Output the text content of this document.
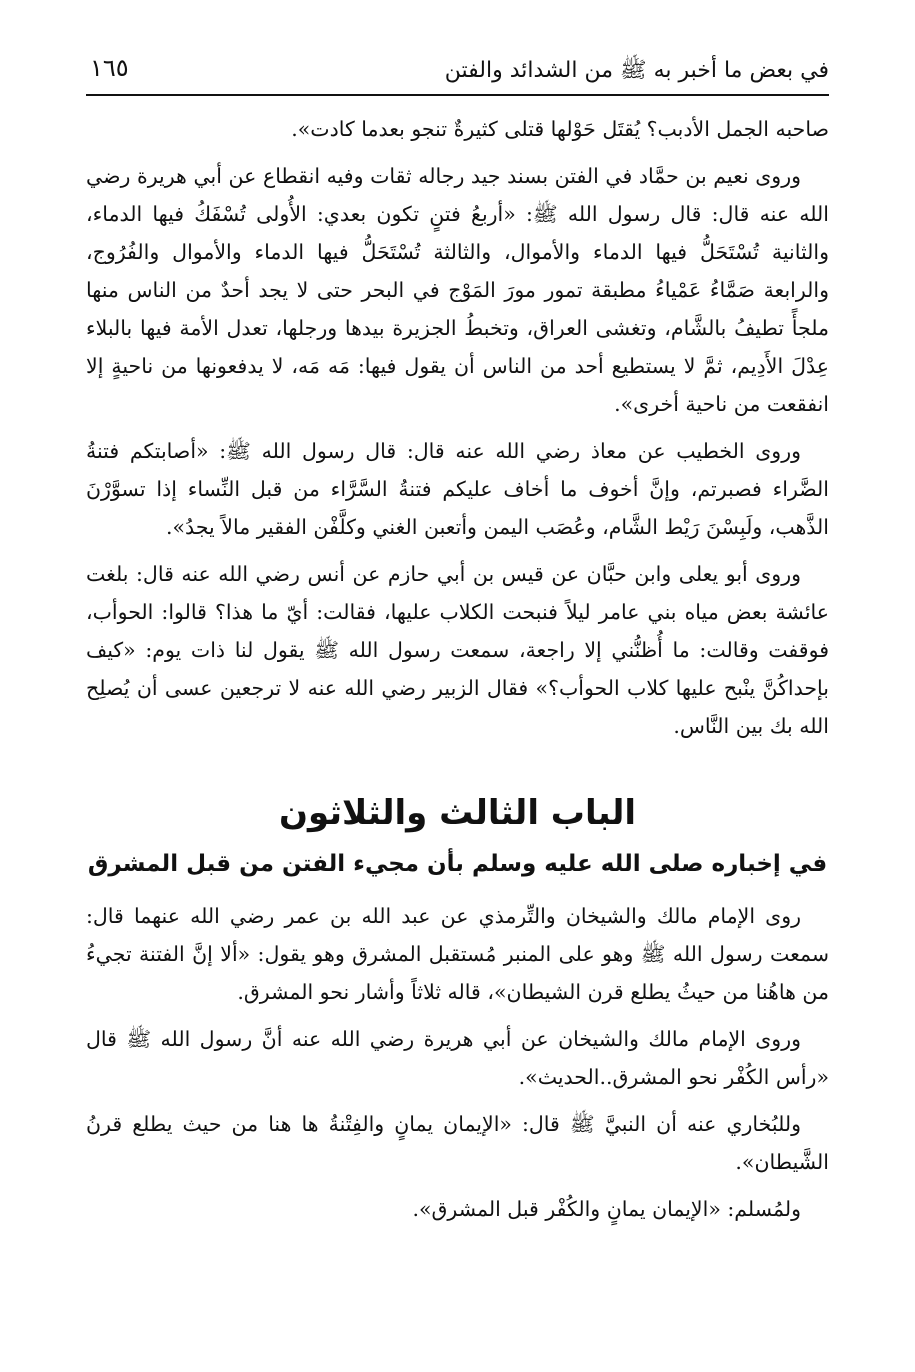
في بعض ما أخبر به ﷺ من الشدائد والفتن
١٦٥

صاحبه الجمل الأدبب؟ يُقتَل حَوْلها قتلى كثيرةٌ تنجو بعدما كادت».

وروى نعيم بن حمَّاد في الفتن بسند جيد رجاله ثقات وفيه انقطاع عن أبي هريرة رضي الله عنه قال: قال رسول الله ﷺ: «أربعُ فتنٍ تكون بعدي: الأُولى تُسْفَكُ فيها الدماء، والثانية تُسْتَحَلُّ فيها الدماء والأموال، والثالثة تُسْتَحَلُّ فيها الدماء والأموال والفُرُوج، والرابعة صَمَّاءُ عَمْياءُ مطبقة تمور مورَ المَوْج في البحر حتى لا يجد أحدٌ من الناس منها ملجأً تطيفُ بالشَّام، وتغشى العراق، وتخبطُ الجزيرة بيدها ورجلها، تعدل الأمة فيها بالبلاء عِدْلَ الأَدِيم، ثمَّ لا يستطيع أحد من الناس أن يقول فيها: مَه مَه، لا يدفعونها من ناحيةٍ إلا انفقعت من ناحية أخرى».

وروى الخطيب عن معاذ رضي الله عنه قال: قال رسول الله ﷺ: «أصابتكم فتنةُ الضَّراء فصبرتم، وإنَّ أخوف ما أخاف عليكم فتنةُ السَّرَّاء من قبل النِّساء إذا تسوَّرْنَ الذَّهب، ولَبِسْنَ رَيْط الشَّام، وعُصَب اليمن وأتعبن الغني وكلَّفْن الفقير مالاً يجدُ».

وروى أبو يعلى وابن حبَّان عن قيس بن أبي حازم عن أنس رضي الله عنه قال: بلغت عائشة بعض مياه بني عامر ليلاً فنبحت الكلاب عليها، فقالت: أيّ ما هذا؟ قالوا: الحوأب، فوقفت وقالت: ما أُظنُّني إلا راجعة، سمعت رسول الله ﷺ يقول لنا ذات يوم: «كيف بإحداكُنَّ ينْبح عليها كلاب الحوأب؟» فقال الزبير رضي الله عنه لا ترجعين عسى أن يُصلِح الله بك بين النَّاس.

الباب الثالث والثلاثون
في إخباره صلى الله عليه وسلم بأن مجيء الفتن من قبل المشرق

روى الإمام مالك والشيخان والتِّرمذي عن عبد الله بن عمر رضي الله عنهما قال: سمعت رسول الله ﷺ وهو على المنبر مُستقبل المشرق وهو يقول: «ألا إنَّ الفتنة تجيءُ من هاهُنا من حيثُ يطلع قرن الشيطان»، قاله ثلاثاً وأشار نحو المشرق.

وروى الإمام مالك والشيخان عن أبي هريرة رضي الله عنه أنَّ رسول الله ﷺ قال «رأس الكُفْر نحو المشرق..الحديث».

وللبُخاري عنه أن النبيَّ ﷺ قال: «الإيمان يمانٍ والفِتْنةُ ها هنا من حيث يطلع قرنُ الشَّيطان».

ولمُسلم: «الإيمان يمانٍ والكُفْر قبل المشرق».
